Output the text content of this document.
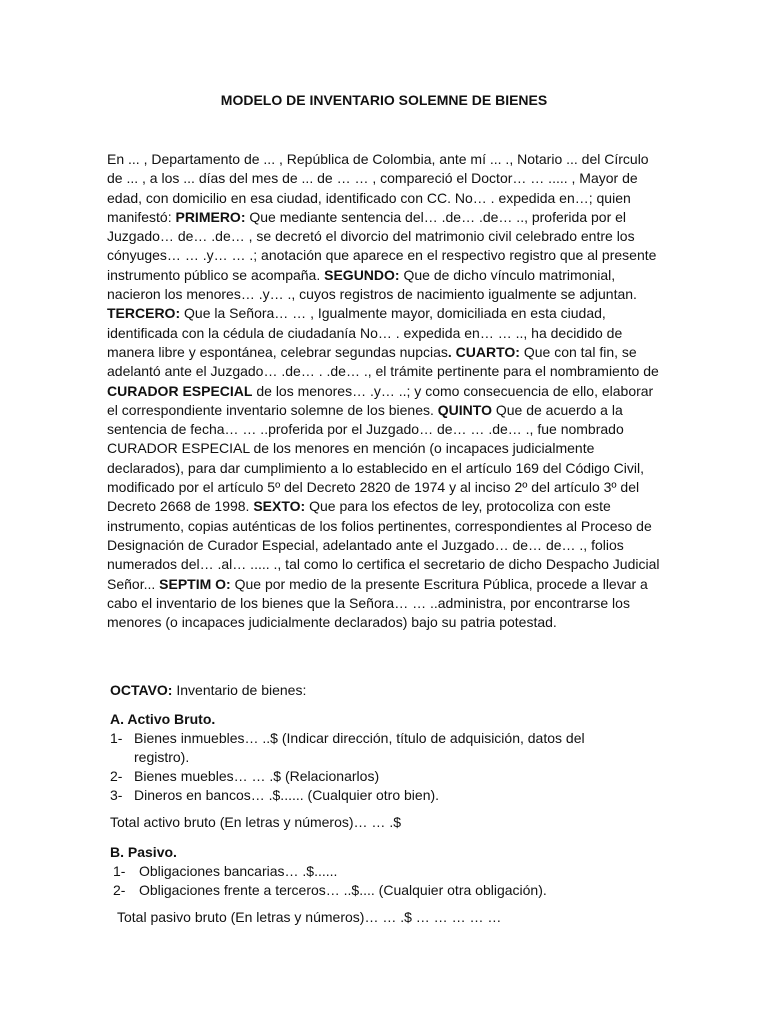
MODELO DE INVENTARIO SOLEMNE DE BIENES

En ... , Departamento de ... , República de Colombia, ante mí ... ., Notario ... del Círculo de ... , a los ... días del mes de ... de … … , compareció el Doctor… … ..... , Mayor de edad, con domicilio en esa ciudad, identificado con CC. No… . expedida en…; quien manifestó: PRIMERO: Que mediante sentencia del… .de… .de… .., proferida por el Juzgado… de… .de… , se decretó el divorcio del matrimonio civil celebrado entre los cónyuges… … .y… … .; anotación que aparece en el respectivo registro que al presente instrumento público se acompaña. SEGUNDO: Que de dicho vínculo matrimonial, nacieron los menores… .y… ., cuyos registros de nacimiento igualmente se adjuntan. TERCERO: Que la Señora… … , Igualmente mayor, domiciliada en esta ciudad, identificada con la cédula de ciudadanía No… . expedida en… … .., ha decidido de manera libre y espontánea, celebrar segundas nupcias. CUARTO: Que con tal fin, se adelantó ante el Juzgado… .de… . .de… ., el trámite pertinente para el nombramiento de CURADOR ESPECIAL de los menores… .y… ..; y como consecuencia de ello, elaborar el correspondiente inventario solemne de los bienes. QUINTO Que de acuerdo a la sentencia de fecha… … ..proferida por el Juzgado… de… … .de… ., fue nombrado CURADOR ESPECIAL de los menores en mención (o incapaces judicialmente declarados), para dar cumplimiento a lo establecido en el artículo 169 del Código Civil, modificado por el artículo 5º del Decreto 2820 de 1974 y al inciso 2º del artículo 3º del Decreto 2668 de 1998. SEXTO: Que para los efectos de ley, protocoliza con este instrumento, copias auténticas de los folios pertinentes, correspondientes al Proceso de Designación de Curador Especial, adelantado ante el Juzgado… de… de… ., folios numerados del… .al… ..... ., tal como lo certifica el secretario de dicho Despacho Judicial Señor... SEPTIM O: Que por medio de la presente Escritura Pública, procede a llevar a cabo el inventario de los bienes que la Señora… … ..administra, por encontrarse los menores (o incapaces judicialmente declarados) bajo su patria potestad.

OCTAVO: Inventario de bienes:
A. Activo Bruto.
1- Bienes inmuebles… ..$ (Indicar dirección, título de adquisición, datos del registro).
2- Bienes muebles… … .$ (Relacionarlos)
3- Dineros en bancos… .$...... (Cualquier otro bien).
Total activo bruto (En letras y números)… … .$
B. Pasivo.
1- Obligaciones bancarias… .$......
2- Obligaciones frente a terceros… ..$.... (Cualquier otra obligación).
Total pasivo bruto (En letras y números)… … .$ … … … … …
